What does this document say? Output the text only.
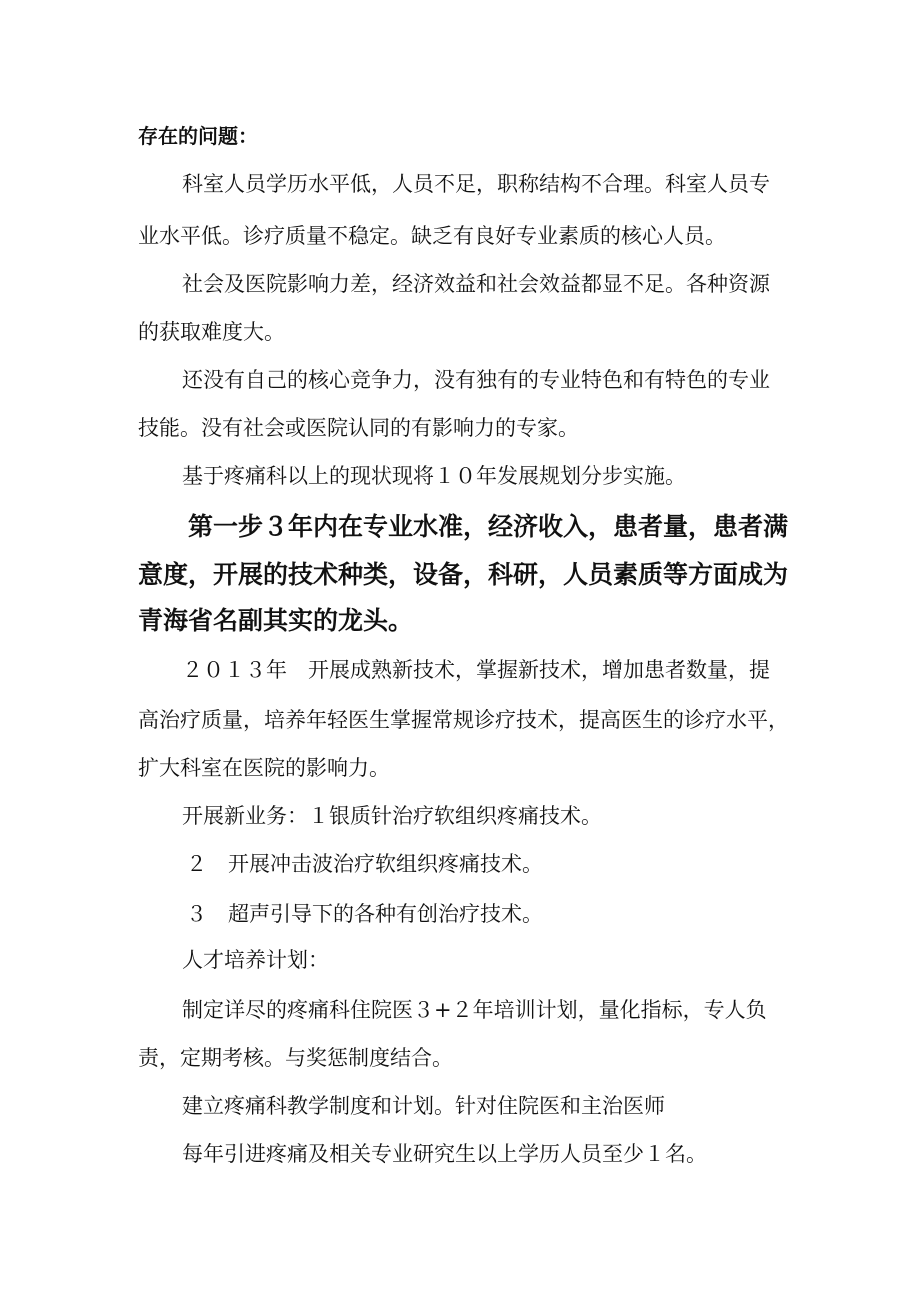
存在的问题：
科室人员学历水平低，人员不足，职称结构不合理。科室人员专
业水平低。诊疗质量不稳定。缺乏有良好专业素质的核心人员。
社会及医院影响力差，经济效益和社会效益都显不足。各种资源
的获取难度大。
还没有自己的核心竞争力，没有独有的专业特色和有特色的专业
技能。没有社会或医院认同的有影响力的专家。
基于疼痛科以上的现状现将１０年发展规划分步实施。
第一步３年内在专业水准，经济收入，患者量，患者满
意度，开展的技术种类，设备，科研，人员素质等方面成为
青海省名副其实的龙头。
２０１３年　开展成熟新技术，掌握新技术，增加患者数量，提
高治疗质量，培养年轻医生掌握常规诊疗技术，提高医生的诊疗水平，
扩大科室在医院的影响力。
开展新业务：１银质针治疗软组织疼痛技术。
２　开展冲击波治疗软组织疼痛技术。
３　超声引导下的各种有创治疗技术。
人才培养计划：
制定详尽的疼痛科住院医３+２年培训计划，量化指标，专人负
责，定期考核。与奖惩制度结合。
建立疼痛科教学制度和计划。针对住院医和主治医师
每年引进疼痛及相关专业研究生以上学历人员至少１名。
